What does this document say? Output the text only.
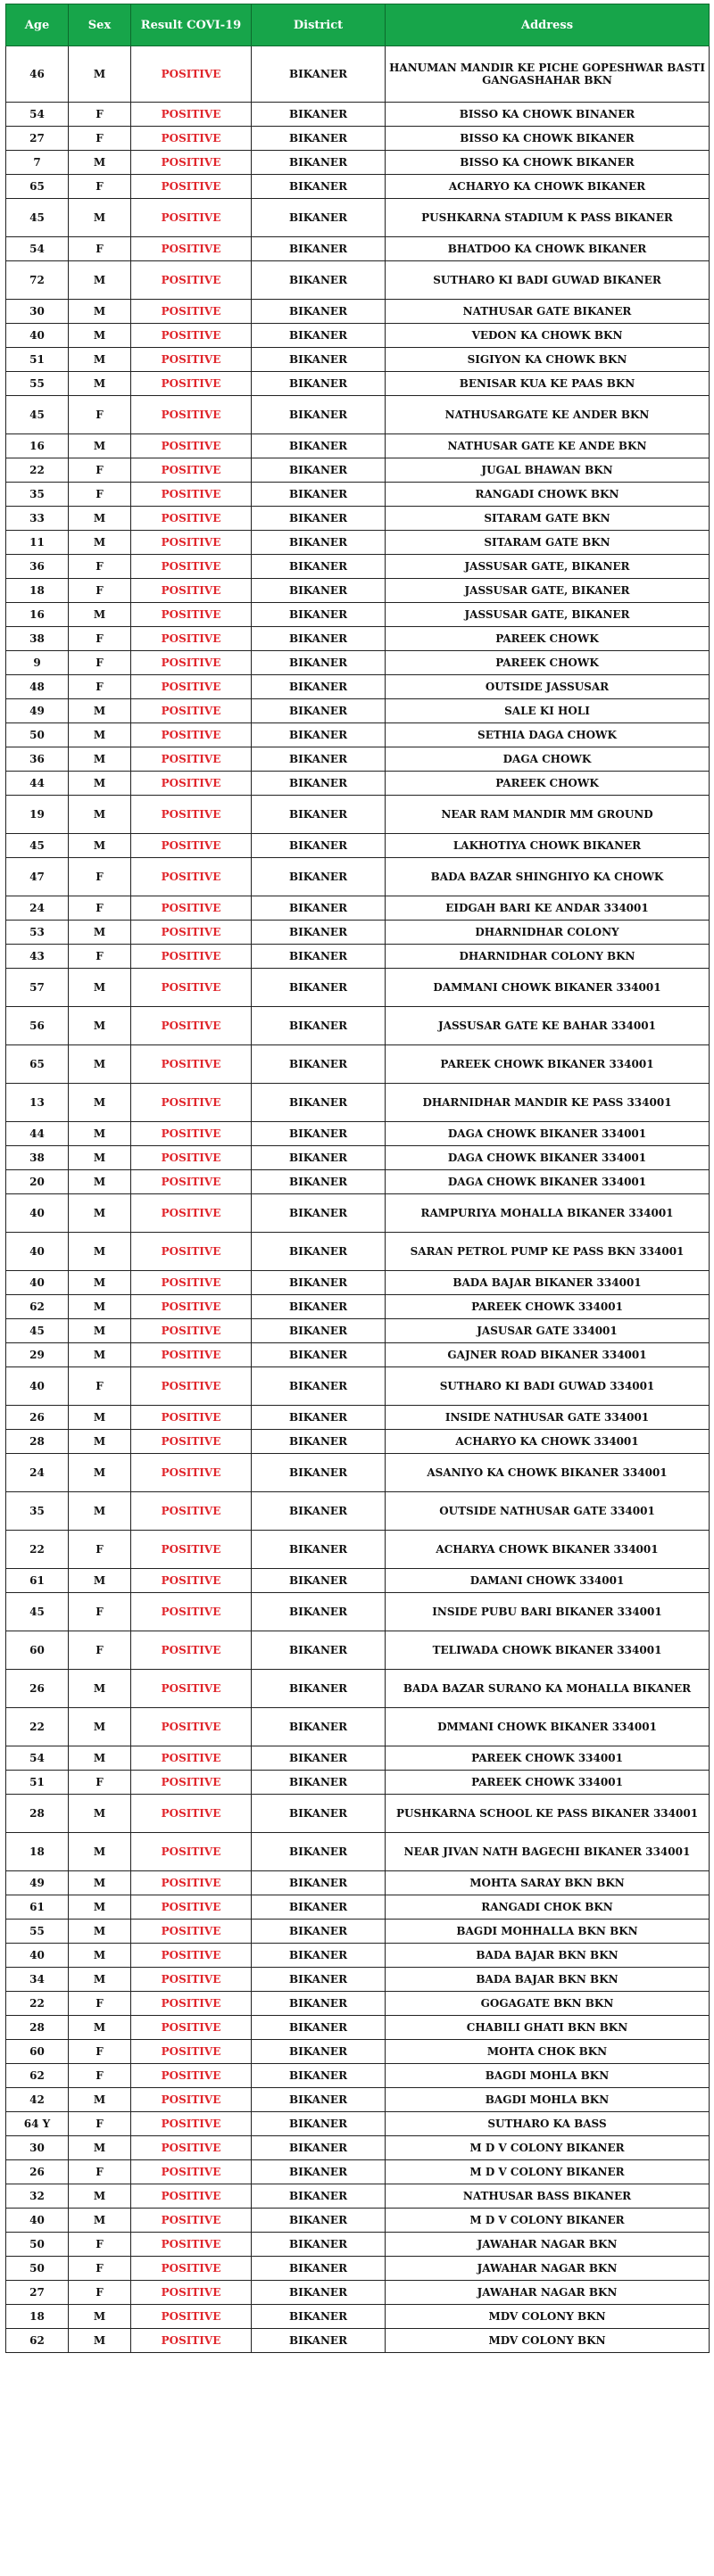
Age	Sex	Result COVI-19	District	Address
46	M	POSITIVE	BIKANER	HANUMAN MANDIR KE PICHE GOPESHWAR BASTI GANGASHAHAR BKN
54	F	POSITIVE	BIKANER	BISSO KA CHOWK BINANER
27	F	POSITIVE	BIKANER	BISSO KA CHOWK BIKANER
7	M	POSITIVE	BIKANER	BISSO KA CHOWK BIKANER
65	F	POSITIVE	BIKANER	ACHARYO KA CHOWK BIKANER
45	M	POSITIVE	BIKANER	PUSHKARNA STADIUM K PASS BIKANER
54	F	POSITIVE	BIKANER	BHATDOO KA CHOWK BIKANER
72	M	POSITIVE	BIKANER	SUTHARO KI BADI GUWAD BIKANER
30	M	POSITIVE	BIKANER	NATHUSAR GATE BIKANER
40	M	POSITIVE	BIKANER	VEDON KA CHOWK BKN
51	M	POSITIVE	BIKANER	SIGIYON KA CHOWK BKN
55	M	POSITIVE	BIKANER	BENISAR KUA KE PAAS BKN
45	F	POSITIVE	BIKANER	NATHUSARGATE KE ANDER BKN
16	M	POSITIVE	BIKANER	NATHUSAR GATE KE ANDE BKN
22	F	POSITIVE	BIKANER	JUGAL BHAWAN BKN
35	F	POSITIVE	BIKANER	RANGADI CHOWK BKN
33	M	POSITIVE	BIKANER	SITARAM GATE BKN
11	M	POSITIVE	BIKANER	SITARAM GATE BKN
36	F	POSITIVE	BIKANER	JASSUSAR GATE, BIKANER
18	F	POSITIVE	BIKANER	JASSUSAR GATE, BIKANER
16	M	POSITIVE	BIKANER	JASSUSAR GATE, BIKANER
38	F	POSITIVE	BIKANER	PAREEK CHOWK
9	F	POSITIVE	BIKANER	PAREEK CHOWK
48	F	POSITIVE	BIKANER	OUTSIDE JASSUSAR
49	M	POSITIVE	BIKANER	SALE KI HOLI
50	M	POSITIVE	BIKANER	SETHIA DAGA CHOWK
36	M	POSITIVE	BIKANER	DAGA CHOWK
44	M	POSITIVE	BIKANER	PAREEK CHOWK
19	M	POSITIVE	BIKANER	NEAR RAM MANDIR MM GROUND
45	M	POSITIVE	BIKANER	LAKHOTIYA CHOWK BIKANER
47	F	POSITIVE	BIKANER	BADA BAZAR SHINGHIYO KA CHOWK
24	F	POSITIVE	BIKANER	EIDGAH BARI KE ANDAR 334001
53	M	POSITIVE	BIKANER	DHARNIDHAR COLONY
43	F	POSITIVE	BIKANER	DHARNIDHAR COLONY BKN
57	M	POSITIVE	BIKANER	DAMMANI CHOWK BIKANER 334001
56	M	POSITIVE	BIKANER	JASSUSAR GATE KE BAHAR 334001
65	M	POSITIVE	BIKANER	PAREEK CHOWK BIKANER 334001
13	M	POSITIVE	BIKANER	DHARNIDHAR MANDIR KE PASS 334001
44	M	POSITIVE	BIKANER	DAGA CHOWK BIKANER 334001
38	M	POSITIVE	BIKANER	DAGA CHOWK BIKANER 334001
20	M	POSITIVE	BIKANER	DAGA CHOWK BIKANER 334001
40	M	POSITIVE	BIKANER	RAMPURIYA MOHALLA BIKANER 334001
40	M	POSITIVE	BIKANER	SARAN PETROL PUMP KE PASS BKN 334001
40	M	POSITIVE	BIKANER	BADA BAJAR BIKANER 334001
62	M	POSITIVE	BIKANER	PAREEK CHOWK 334001
45	M	POSITIVE	BIKANER	JASUSAR GATE 334001
29	M	POSITIVE	BIKANER	GAJNER ROAD BIKANER 334001
40	F	POSITIVE	BIKANER	SUTHARO KI BADI GUWAD 334001
26	M	POSITIVE	BIKANER	INSIDE NATHUSAR GATE 334001
28	M	POSITIVE	BIKANER	ACHARYO KA CHOWK 334001
24	M	POSITIVE	BIKANER	ASANIYO KA CHOWK BIKANER 334001
35	M	POSITIVE	BIKANER	OUTSIDE NATHUSAR GATE 334001
22	F	POSITIVE	BIKANER	ACHARYA CHOWK BIKANER 334001
61	M	POSITIVE	BIKANER	DAMANI CHOWK 334001
45	F	POSITIVE	BIKANER	INSIDE PUBU BARI BIKANER 334001
60	F	POSITIVE	BIKANER	TELIWADA CHOWK BIKANER 334001
26	M	POSITIVE	BIKANER	BADA BAZAR SURANO KA MOHALLA BIKANER
22	M	POSITIVE	BIKANER	DMMANI CHOWK BIKANER 334001
54	M	POSITIVE	BIKANER	PAREEK CHOWK 334001
51	F	POSITIVE	BIKANER	PAREEK CHOWK 334001
28	M	POSITIVE	BIKANER	PUSHKARNA SCHOOL KE PASS BIKANER 334001
18	M	POSITIVE	BIKANER	NEAR JIVAN NATH BAGECHI BIKANER 334001
49	M	POSITIVE	BIKANER	MOHTA SARAY BKN BKN
61	M	POSITIVE	BIKANER	RANGADI CHOK BKN
55	M	POSITIVE	BIKANER	BAGDI MOHHALLA BKN BKN
40	M	POSITIVE	BIKANER	BADA BAJAR BKN BKN
34	M	POSITIVE	BIKANER	BADA BAJAR BKN BKN
22	F	POSITIVE	BIKANER	GOGAGATE BKN BKN
28	M	POSITIVE	BIKANER	CHABILI GHATI BKN BKN
60	F	POSITIVE	BIKANER	MOHTA CHOK BKN
62	F	POSITIVE	BIKANER	BAGDI MOHLA BKN
42	M	POSITIVE	BIKANER	BAGDI MOHLA BKN
64 Y	F	POSITIVE	BIKANER	SUTHARO KA BASS
30	M	POSITIVE	BIKANER	M D V COLONY BIKANER
26	F	POSITIVE	BIKANER	M D V COLONY BIKANER
32	M	POSITIVE	BIKANER	NATHUSAR BASS BIKANER
40	M	POSITIVE	BIKANER	M D V COLONY BIKANER
50	F	POSITIVE	BIKANER	JAWAHAR NAGAR BKN
50	F	POSITIVE	BIKANER	JAWAHAR NAGAR BKN
27	F	POSITIVE	BIKANER	JAWAHAR NAGAR BKN
18	M	POSITIVE	BIKANER	MDV COLONY BKN
62	M	POSITIVE	BIKANER	MDV COLONY BKN
